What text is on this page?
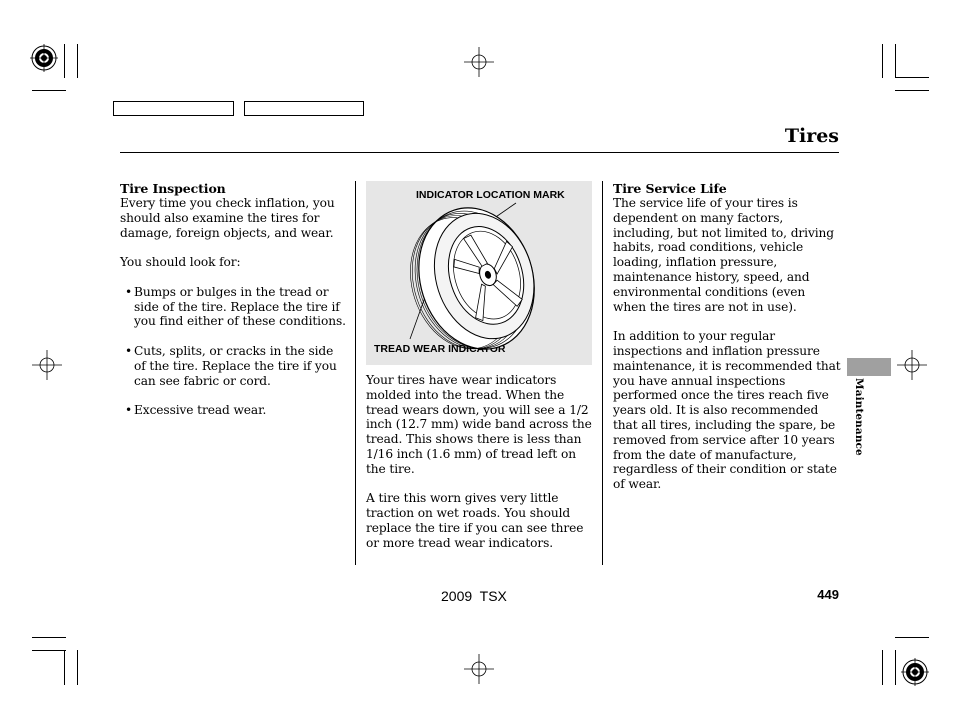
Tires
Maintenance
Tire Inspection
Every time you check inflation, you
should also examine the tires for
damage, foreign objects, and wear.
You should look for:
• Bumps or bulges in the tread or
side of the tire. Replace the tire if
you find either of these conditions.
• Cuts, splits, or cracks in the side
of the tire. Replace the tire if you
can see fabric or cord.
• Excessive tread wear.
INDICATOR LOCATION MARK
TREAD WEAR INDICATOR
Your tires have wear indicators
molded into the tread. When the
tread wears down, you will see a 1/2
inch (12.7 mm) wide band across the
tread. This shows there is less than
1/16 inch (1.6 mm) of tread left on
the tire.
A tire this worn gives very little
traction on wet roads. You should
replace the tire if you can see three
or more tread wear indicators.
Tire Service Life
The service life of your tires is
dependent on many factors,
including, but not limited to, driving
habits, road conditions, vehicle
loading, inflation pressure,
maintenance history, speed, and
environmental conditions (even
when the tires are not in use).
In addition to your regular
inspections and inflation pressure
maintenance, it is recommended that
you have annual inspections
performed once the tires reach five
years old. It is also recommended
that all tires, including the spare, be
removed from service after 10 years
from the date of manufacture,
regardless of their condition or state
of wear.
2009  TSX	449
